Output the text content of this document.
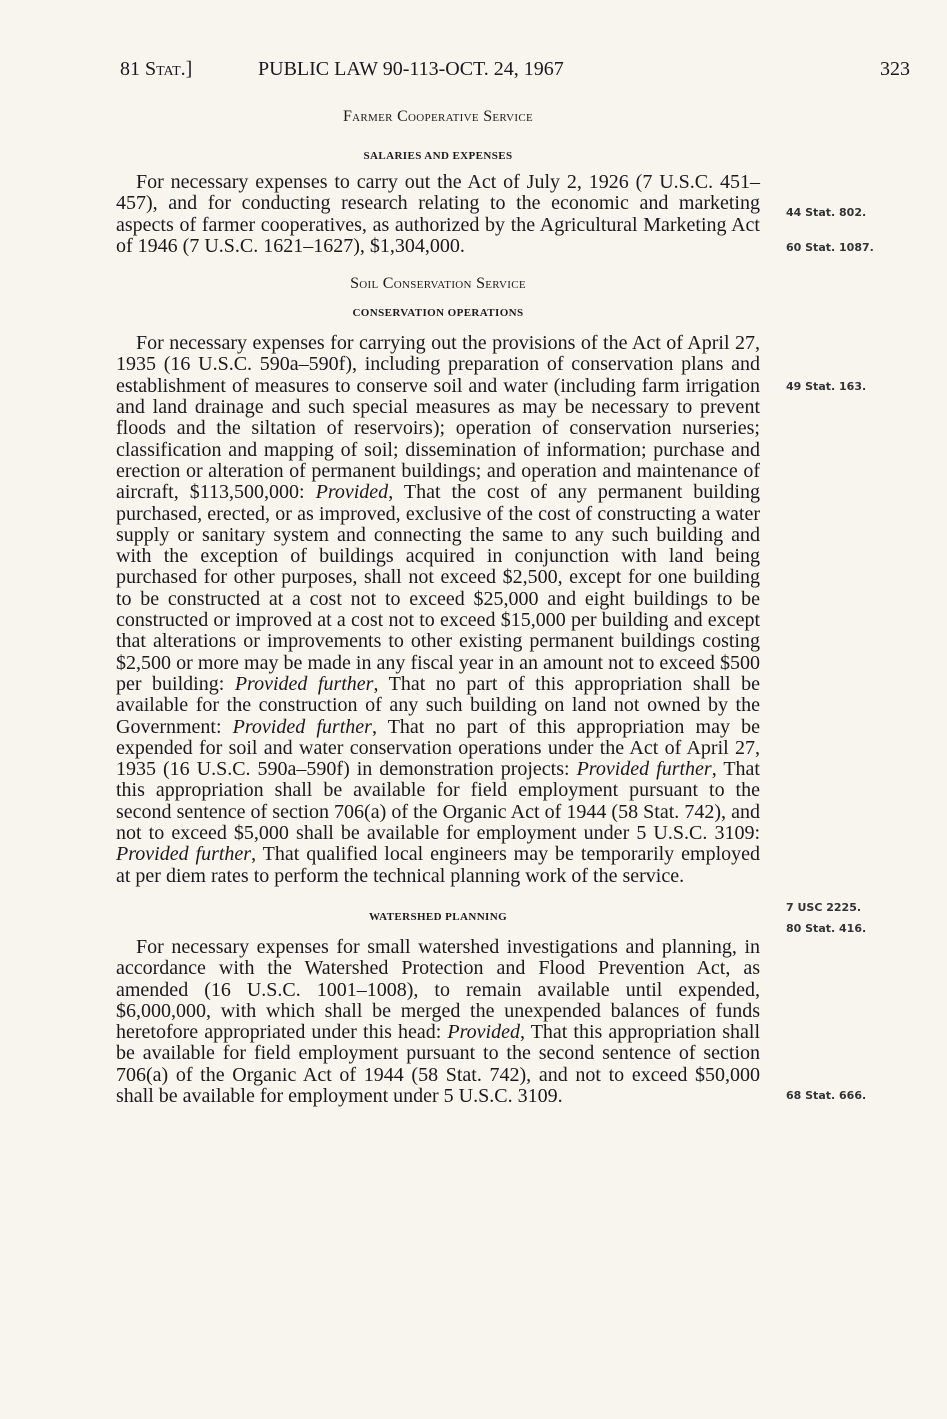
81 Stat.]	PUBLIC LAW 90-113-OCT. 24, 1967	323
Farmer Cooperative Service
SALARIES AND EXPENSES

For necessary expenses to carry out the Act of July 2, 1926 (7 U.S.C. 451–457), and for conducting research relating to the economic and marketing aspects of farmer cooperatives, as authorized by the Agricultural Marketing Act of 1946 (7 U.S.C. 1621–1627), $1,304,000.

Soil Conservation Service
CONSERVATION OPERATIONS

For necessary expenses for carrying out the provisions of the Act of April 27, 1935 (16 U.S.C. 590a–590f), including preparation of conservation plans and establishment of measures to conserve soil and water (including farm irrigation and land drainage and such special measures as may be necessary to prevent floods and the siltation of reservoirs); operation of conservation nurseries; classification and mapping of soil; dissemination of information; purchase and erection or alteration of permanent buildings; and operation and maintenance of aircraft, $113,500,000: Provided, That the cost of any permanent building purchased, erected, or as improved, exclusive of the cost of constructing a water supply or sanitary system and connecting the same to any such building and with the exception of buildings acquired in conjunction with land being purchased for other purposes, shall not exceed $2,500, except for one building to be constructed at a cost not to exceed $25,000 and eight buildings to be constructed or improved at a cost not to exceed $15,000 per building and except that alterations or improvements to other existing permanent buildings costing $2,500 or more may be made in any fiscal year in an amount not to exceed $500 per building: Provided further, That no part of this appropriation shall be available for the construction of any such building on land not owned by the Government: Provided further, That no part of this appropriation may be expended for soil and water conservation operations under the Act of April 27, 1935 (16 U.S.C. 590a–590f) in demonstration projects: Provided further, That this appropriation shall be available for field employment pursuant to the second sentence of section 706(a) of the Organic Act of 1944 (58 Stat. 742), and not to exceed $5,000 shall be available for employment under 5 U.S.C. 3109: Provided further, That qualified local engineers may be temporarily employed at per diem rates to perform the technical planning work of the service.

WATERSHED PLANNING

For necessary expenses for small watershed investigations and planning, in accordance with the Watershed Protection and Flood Prevention Act, as amended (16 U.S.C. 1001–1008), to remain available until expended, $6,000,000, with which shall be merged the unexpended balances of funds heretofore appropriated under this head: Provided, That this appropriation shall be available for field employment pursuant to the second sentence of section 706(a) of the Organic Act of 1944 (58 Stat. 742), and not to exceed $50,000 shall be available for employment under 5 U.S.C. 3109.

44 Stat. 802.
60 Stat. 1087.
49 Stat. 163.
7 USC 2225.
80 Stat. 416.
68 Stat. 666.
